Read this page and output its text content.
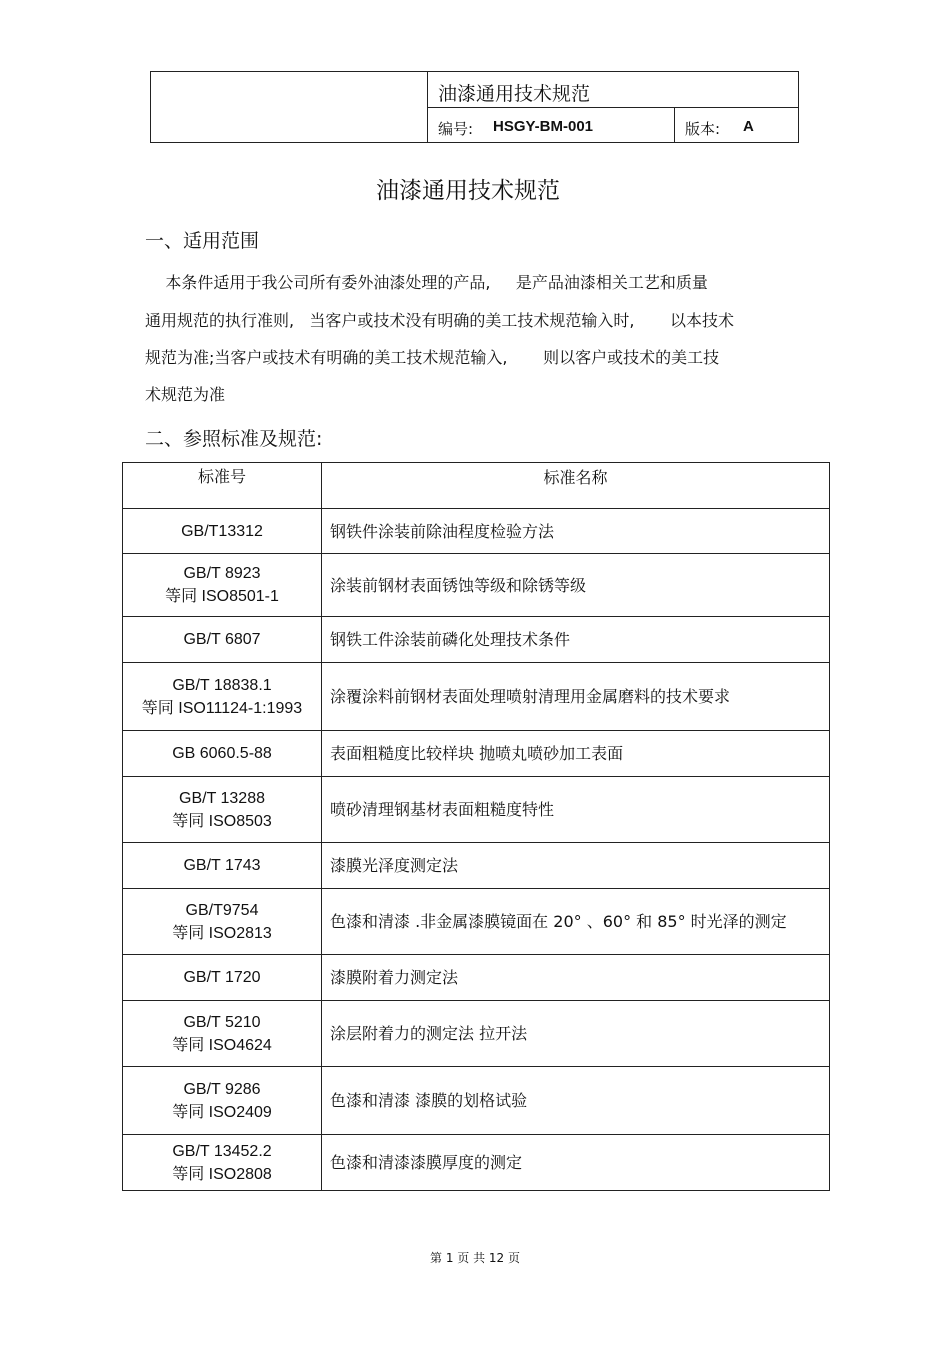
油漆通用技术规范
编号: HSGY-BM-001	版本: A
油漆通用技术规范
一、适用范围
本条件适用于我公司所有委外油漆处理的产品,     是产品油漆相关工艺和质量
通用规范的执行准则,   当客户或技术没有明确的美工技术规范输入时,       以本技术
规范为准;当客户或技术有明确的美工技术规范输入,       则以客户或技术的美工技
术规范为准
二、参照标准及规范:
标准号	标准名称

GB/T13312	钢铁件涂装前除油程度检验方法

GB/T 8923
等同 ISO8501-1	涂装前钢材表面锈蚀等级和除锈等级

GB/T 6807	钢铁工件涂装前磷化处理技术条件

GB/T 18838.1
等同 ISO11124-1:1993	涂覆涂料前钢材表面处理喷射清理用金属磨料的技术要求

GB 6060.5-88	表面粗糙度比较样块 抛喷丸喷砂加工表面

GB/T 13288
等同 ISO8503	喷砂清理钢基材表面粗糙度特性

GB/T 1743	漆膜光泽度测定法

GB/T9754
等同 ISO2813	色漆和清漆 .非金属漆膜镜面在 20° 、60° 和 85° 时光泽的测定

GB/T 1720	漆膜附着力测定法

GB/T 5210
等同 ISO4624	涂层附着力的测定法 拉开法

GB/T 9286
等同 ISO2409	色漆和清漆 漆膜的划格试验

GB/T 13452.2
等同 ISO2808	色漆和清漆漆膜厚度的测定
第 1 页 共 12 页
